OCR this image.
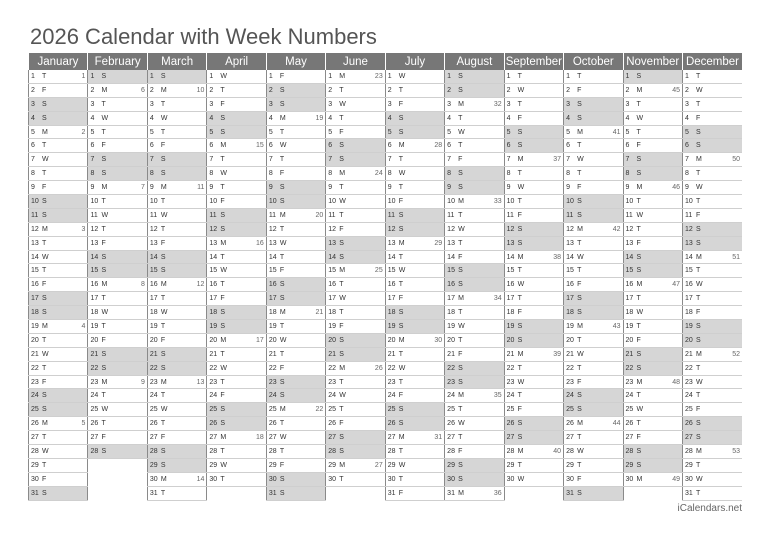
2026 Calendar with Week Numbers
January	February	March	April	May	June	July	August	September	October	November	December

1 T 1	1 S	1 S	1 W	1 F	1 M 23	1 W	1 S	1 T	1 T	1 S	1 T

2 F	2 M 6	2 M 10	2 T	2 S	2 T	2 T	2 S	2 W	2 F	2 M 45	2 W

3 S	3 T	3 T	3 F	3 S	3 W	3 F	3 M 32	3 T	3 S	3 T	3 T

4 S	4 W	4 W	4 S	4 M 19	4 T	4 S	4 T	4 F	4 S	4 W	4 F

5 M 2	5 T	5 T	5 S	5 T	5 F	5 S	5 W	5 S	5 M 41	5 T	5 S

6 T	6 F	6 F	6 M 15	6 W	6 S	6 M 28	6 T	6 S	6 T	6 F	6 S

7 W	7 S	7 S	7 T	7 T	7 S	7 T	7 F	7 M 37	7 W	7 S	7 M 50

8 T	8 S	8 S	8 W	8 F	8 M 24	8 W	8 S	8 T	8 T	8 S	8 T

9 F	9 M 7	9 M 11	9 T	9 S	9 T	9 T	9 S	9 W	9 F	9 M 46	9 W

10 S	10 T	10 T	10 F	10 S	10 W	10 F	10 M 33	10 T	10 S	10 T	10 T

11 S	11 W	11 W	11 S	11 M 20	11 T	11 S	11 T	11 F	11 S	11 W	11 F

12 M 3	12 T	12 T	12 S	12 T	12 F	12 S	12 W	12 S	12 M 42	12 T	12 S

13 T	13 F	13 F	13 M 16	13 W	13 S	13 M 29	13 T	13 S	13 T	13 F	13 S

14 W	14 S	14 S	14 T	14 T	14 S	14 T	14 F	14 M 38	14 W	14 S	14 M 51

15 T	15 S	15 S	15 W	15 F	15 M 25	15 W	15 S	15 T	15 T	15 S	15 T

16 F	16 M 8	16 M 12	16 T	16 S	16 T	16 T	16 S	16 W	16 F	16 M 47	16 W

17 S	17 T	17 T	17 F	17 S	17 W	17 F	17 M 34	17 T	17 S	17 T	17 T

18 S	18 W	18 W	18 S	18 M 21	18 T	18 S	18 T	18 F	18 S	18 W	18 F

19 M 4	19 T	19 T	19 S	19 T	19 F	19 S	19 W	19 S	19 M 43	19 T	19 S

20 T	20 F	20 F	20 M 17	20 W	20 S	20 M 30	20 T	20 S	20 T	20 F	20 S

21 W	21 S	21 S	21 T	21 T	21 S	21 T	21 F	21 M 39	21 W	21 S	21 M 52

22 T	22 S	22 S	22 W	22 F	22 M 26	22 W	22 S	22 T	22 T	22 S	22 T

23 F	23 M 9	23 M 13	23 T	23 S	23 T	23 T	23 S	23 W	23 F	23 M 48	23 W

24 S	24 T	24 T	24 F	24 S	24 W	24 F	24 M 35	24 T	24 S	24 T	24 T

25 S	25 W	25 W	25 S	25 M 22	25 T	25 S	25 T	25 F	25 S	25 W	25 F

26 M 5	26 T	26 T	26 S	26 T	26 F	26 S	26 W	26 S	26 M 44	26 T	26 S

27 T	27 F	27 F	27 M 18	27 W	27 S	27 M 31	27 T	27 S	27 T	27 F	27 S

28 W	28 S	28 S	28 T	28 T	28 S	28 T	28 F	28 M 40	28 W	28 S	28 M 53

29 T		29 S	29 W	29 F	29 M 27	29 W	29 S	29 T	29 T	29 S	29 T

30 F		30 M 14	30 T	30 S	30 T	30 T	30 S	30 W	30 F	30 M 49	30 W

31 S		31 T		31 S		31 F	31 M 36		31 S		31 T
iCalendars.net
